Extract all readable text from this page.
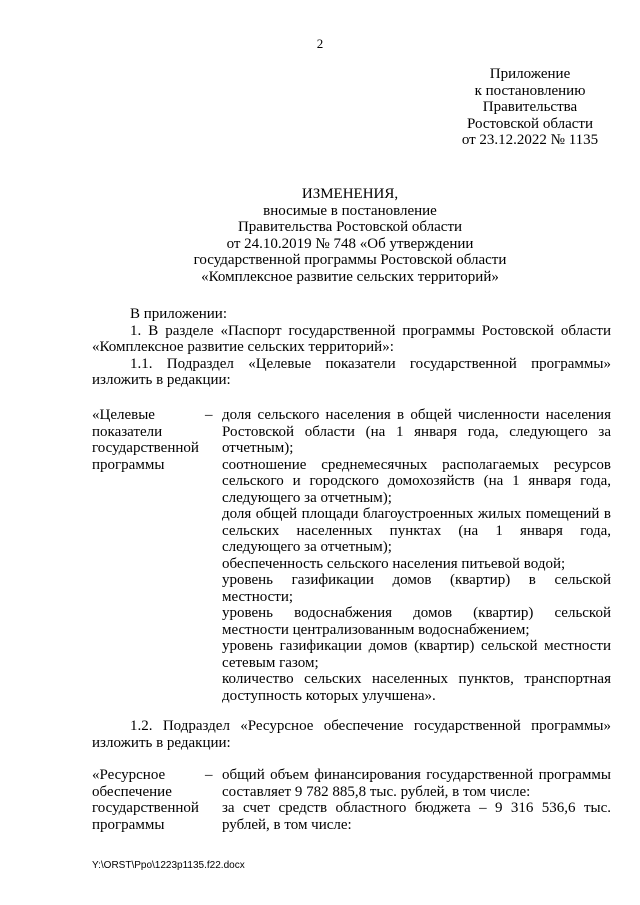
2
Приложение
к постановлению
Правительства
Ростовской области
от 23.12.2022 № 1135
ИЗМЕНЕНИЯ,
вносимые в постановление
Правительства Ростовской области
от 24.10.2019 № 748 «Об утверждении
государственной программы Ростовской области
«Комплексное развитие сельских территорий»

В приложении:

1. В разделе «Паспорт государственной программы Ростовской области «Комплексное развитие сельских территорий»:

1.1. Подраздел «Целевые показатели государственной программы» изложить в редакции:

«Целевые
показатели
государственной
программы
– доля сельского населения в общей численности населения Ростовской области (на 1 января года, следующего за отчетным);

соотношение среднемесячных располагаемых ресурсов сельского и городского домохозяйств (на 1 января года, следующего за отчетным);

доля общей площади благоустроенных жилых помещений в сельских населенных пунктах (на 1 января года, следующего за отчетным);

обеспеченность сельского населения питьевой водой;

уровень газификации домов (квартир) в сельской местности;

уровень водоснабжения домов (квартир) сельской местности централизованным водоснабжением;

уровень газификации домов (квартир) сельской местности сетевым газом;

количество сельских населенных пунктов, транспортная доступность которых улучшена».

1.2. Подраздел «Ресурсное обеспечение государственной программы» изложить в редакции:

«Ресурсное
обеспечение
государственной
программы
– общий объем финансирования государственной программы составляет 9 782 885,8 тыс. рублей, в том числе:

за счет средств областного бюджета – 9 316 536,6 тыс. рублей, в том числе:

Y:\ORST\Ppo\1223p1135.f22.docx
